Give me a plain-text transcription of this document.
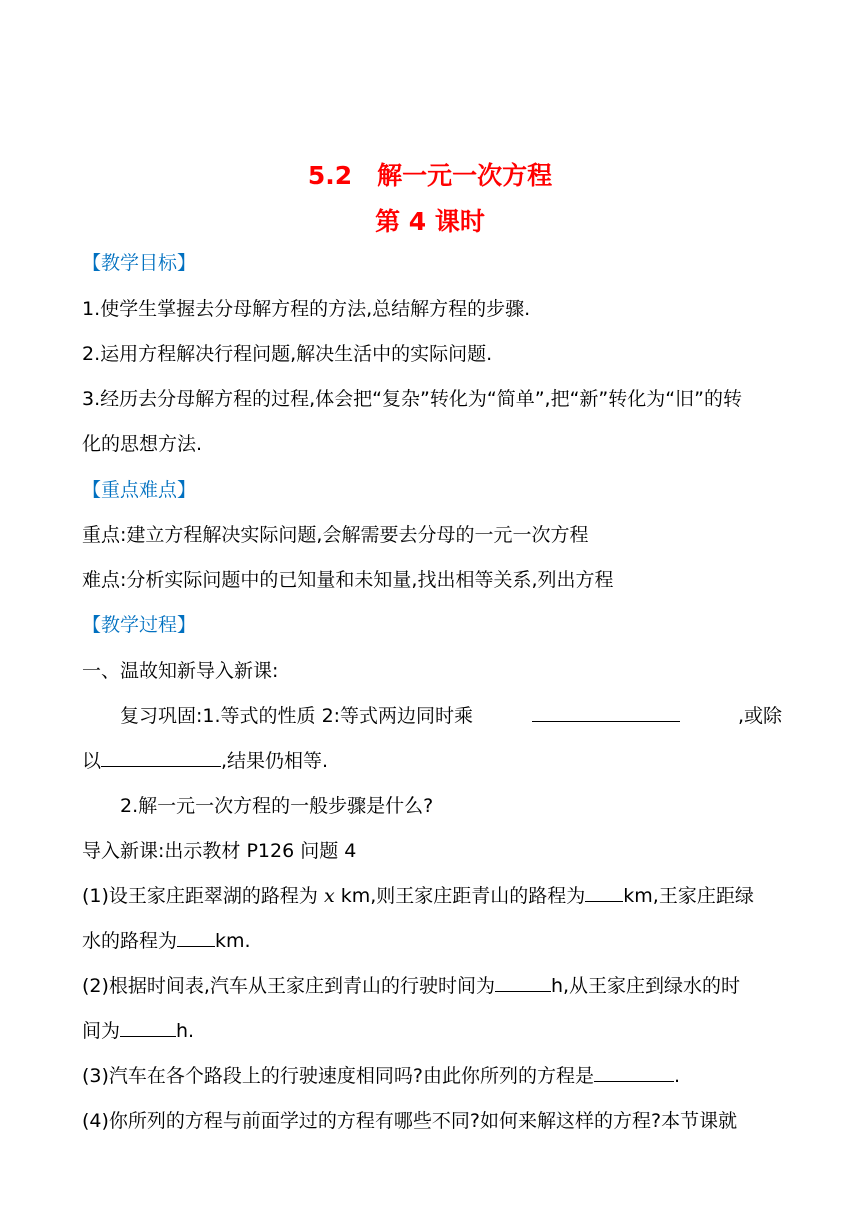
5.2　解一元一次方程
第 4 课时
【教学目标】
1.使学生掌握去分母解方程的方法,总结解方程的步骤.
2.运用方程解决行程问题,解决生活中的实际问题.
3.经历去分母解方程的过程,体会把“复杂”转化为“简单”,把“新”转化为“旧”的转
化的思想方法.
【重点难点】
重点:建立方程解决实际问题,会解需要去分母的一元一次方程
难点:分析实际问题中的已知量和未知量,找出相等关系,列出方程
【教学过程】
一、温故知新导入新课:
复习巩固:1.等式的性质 2:等式两边同时乘	,或除
以	,结果仍相等.
2.解一元一次方程的一般步骤是什么?
导入新课:出示教材 P126 问题 4
(1)设王家庄距翠湖的路程为 x km,则王家庄距青山的路程为 km,王家庄距绿
水的路程为 km.
(2)根据时间表,汽车从王家庄到青山的行驶时间为	h,从王家庄到绿水的时
间为	h.
(3)汽车在各个路段上的行驶速度相同吗?由此你所列的方程是	.
(4)你所列的方程与前面学过的方程有哪些不同?如何来解这样的方程?本节课就
